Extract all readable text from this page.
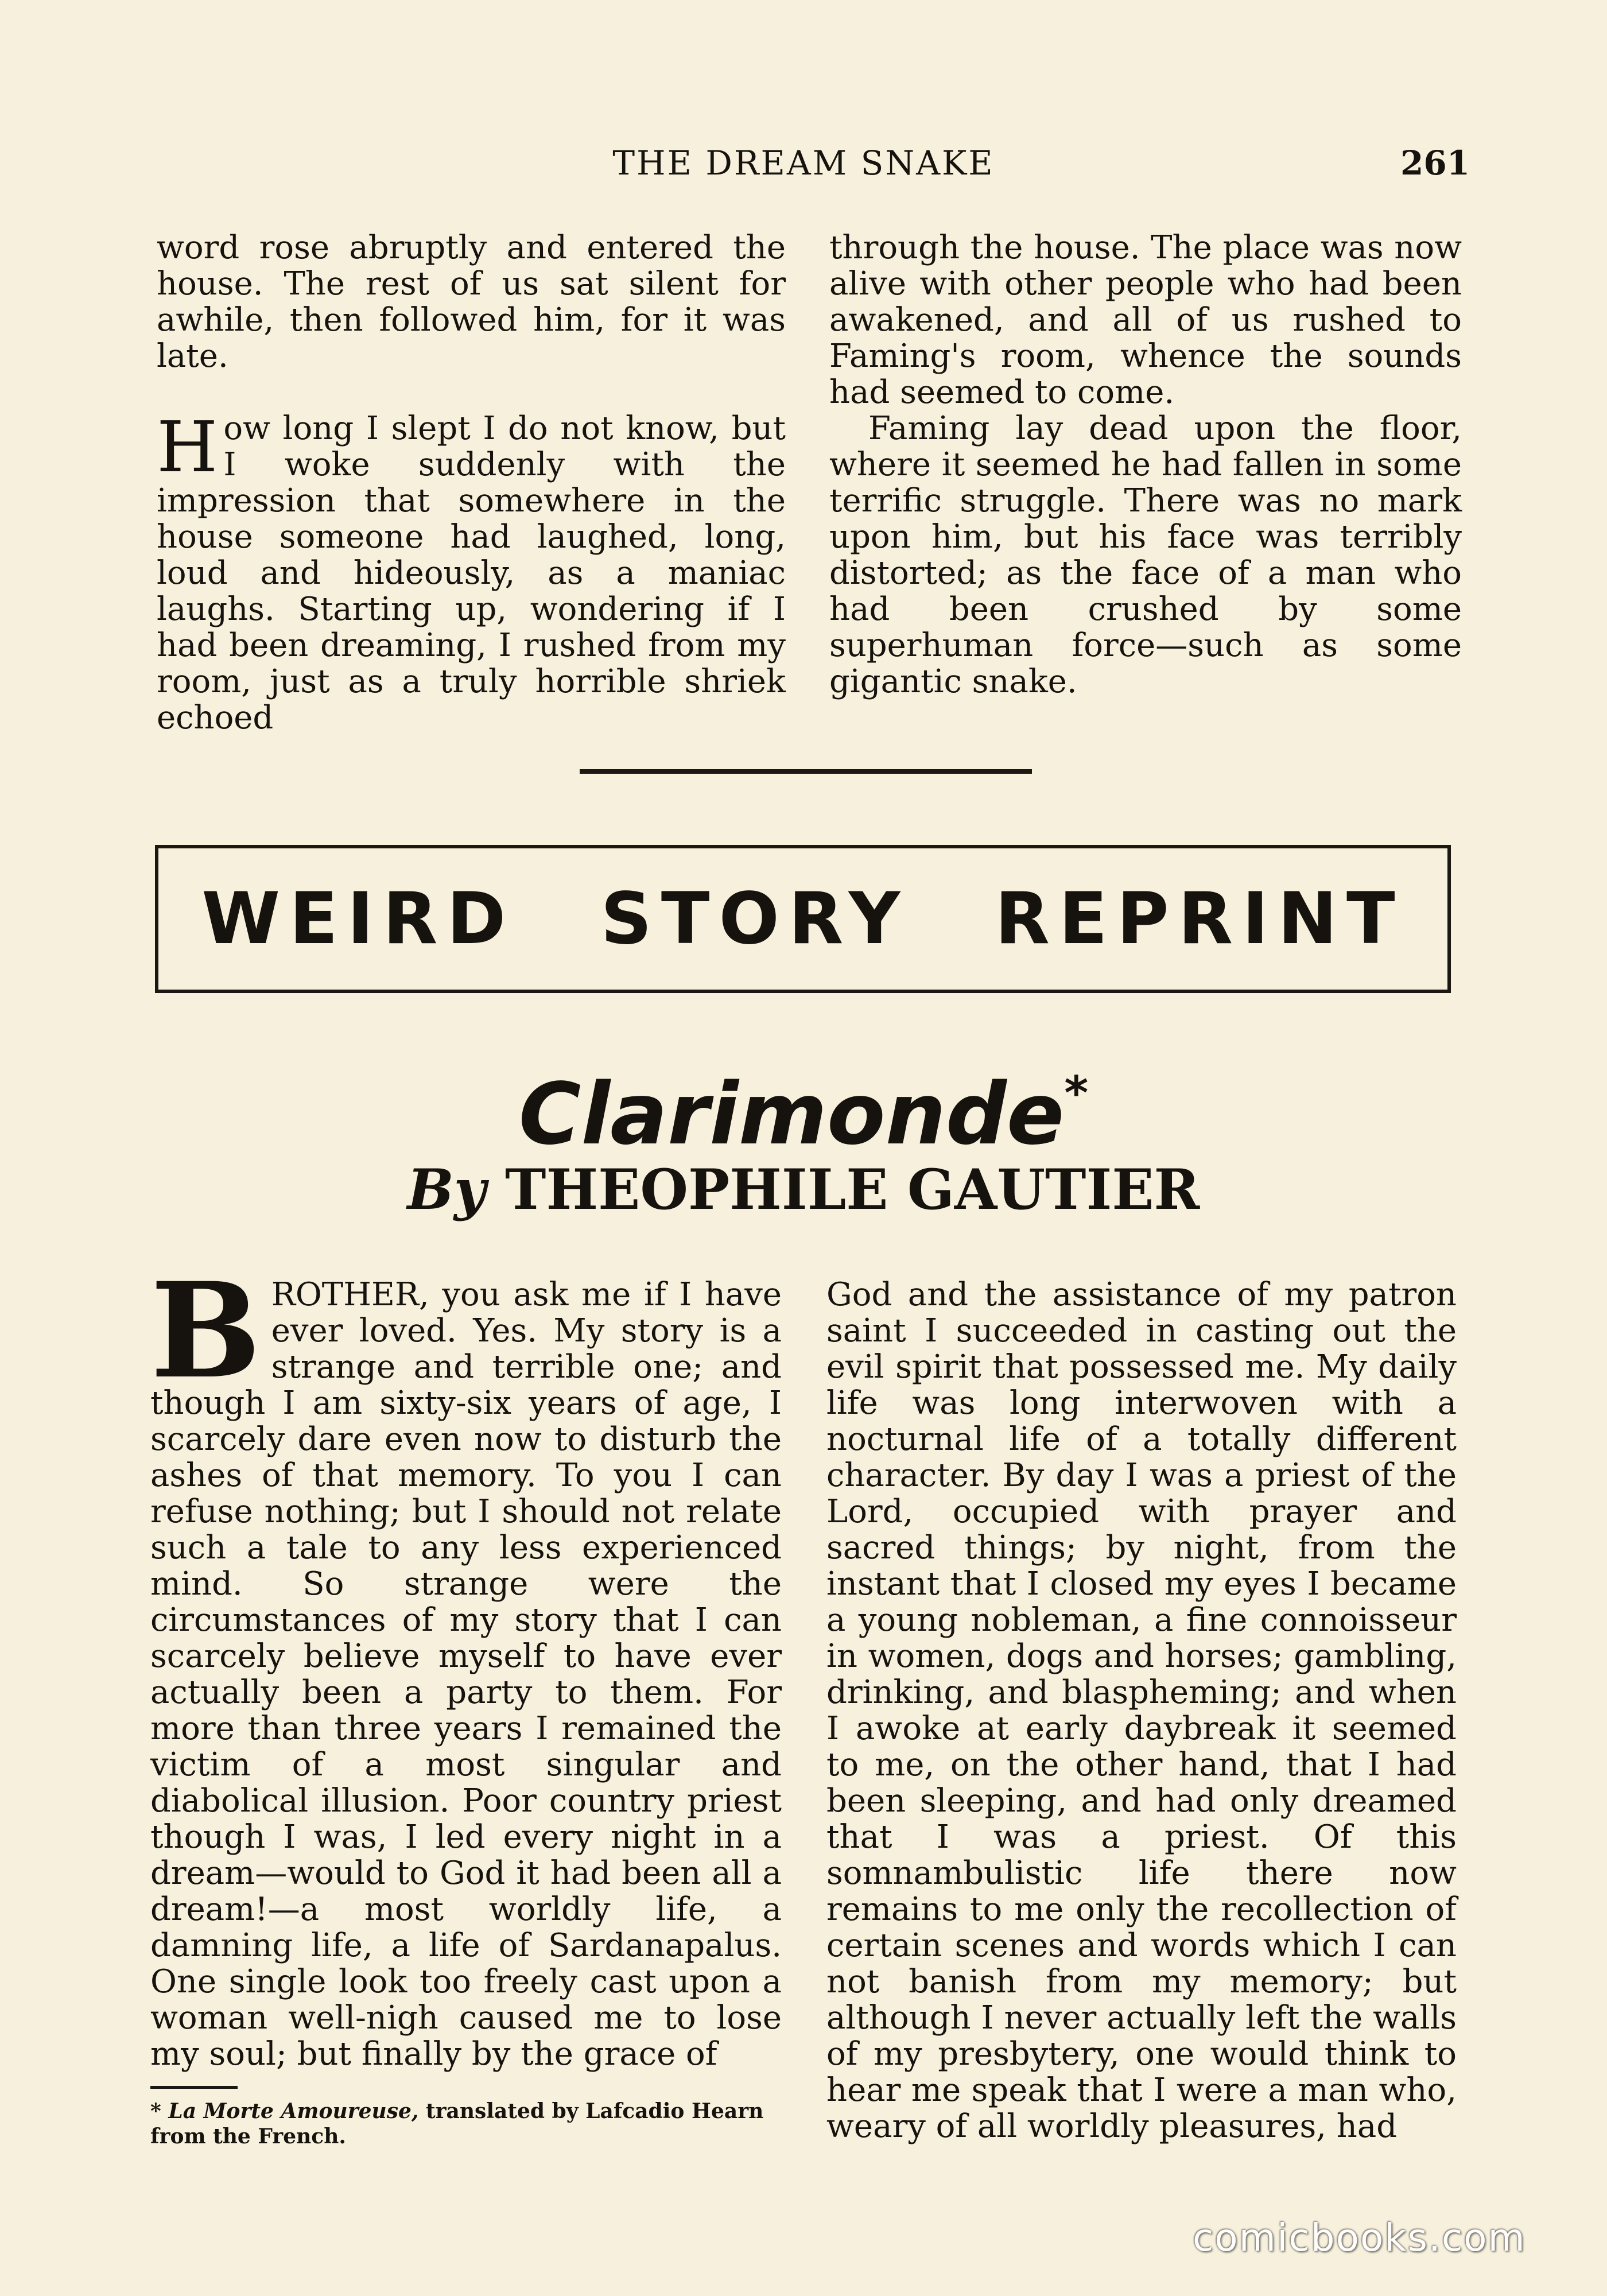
THE DREAM SNAKE	261

word rose abruptly and entered the house. The rest of us sat silent for awhile, then followed him, for it was late.

How long I slept I do not know, but I woke suddenly with the impression that somewhere in the house someone had laughed, long, loud and hideously, as a maniac laughs. Starting up, wondering if I had been dreaming, I rushed from my room, just as a truly horrible shriek echoed

through the house. The place was now alive with other people who had been awakened, and all of us rushed to Faming's room, whence the sounds had seemed to come.

Faming lay dead upon the floor, where it seemed he had fallen in some terrific struggle. There was no mark upon him, but his face was terribly distorted; as the face of a man who had been crushed by some superhuman force—such as some gigantic snake.

WEIRD STORY REPRINT
Clarimonde*
By THEOPHILE GAUTIER

BROTHER, you ask me if I have ever loved. Yes. My story is a strange and terrible one; and though I am sixty-six years of age, I scarcely dare even now to disturb the ashes of that memory. To you I can refuse nothing; but I should not relate such a tale to any less experienced mind. So strange were the circumstances of my story that I can scarcely believe myself to have ever actually been a party to them. For more than three years I remained the victim of a most singular and diabolical illusion. Poor country priest though I was, I led every night in a dream—would to God it had been all a dream!—a most worldly life, a damning life, a life of Sardanapalus. One single look too freely cast upon a woman well-nigh caused me to lose my soul; but finally by the grace of

God and the assistance of my patron saint I succeeded in casting out the evil spirit that possessed me. My daily life was long interwoven with a nocturnal life of a totally different character. By day I was a priest of the Lord, occupied with prayer and sacred things; by night, from the instant that I closed my eyes I became a young nobleman, a fine connoisseur in women, dogs and horses; gambling, drinking, and blaspheming; and when I awoke at early daybreak it seemed to me, on the other hand, that I had been sleeping, and had only dreamed that I was a priest. Of this somnambulistic life there now remains to me only the recollection of certain scenes and words which I can not banish from my memory; but although I never actually left the walls of my presbytery, one would think to hear me speak that I were a man who, weary of all worldly pleasures, had

* La Morte Amoureuse, translated by Lafcadio Hearn from the French.
comicbooks.com
